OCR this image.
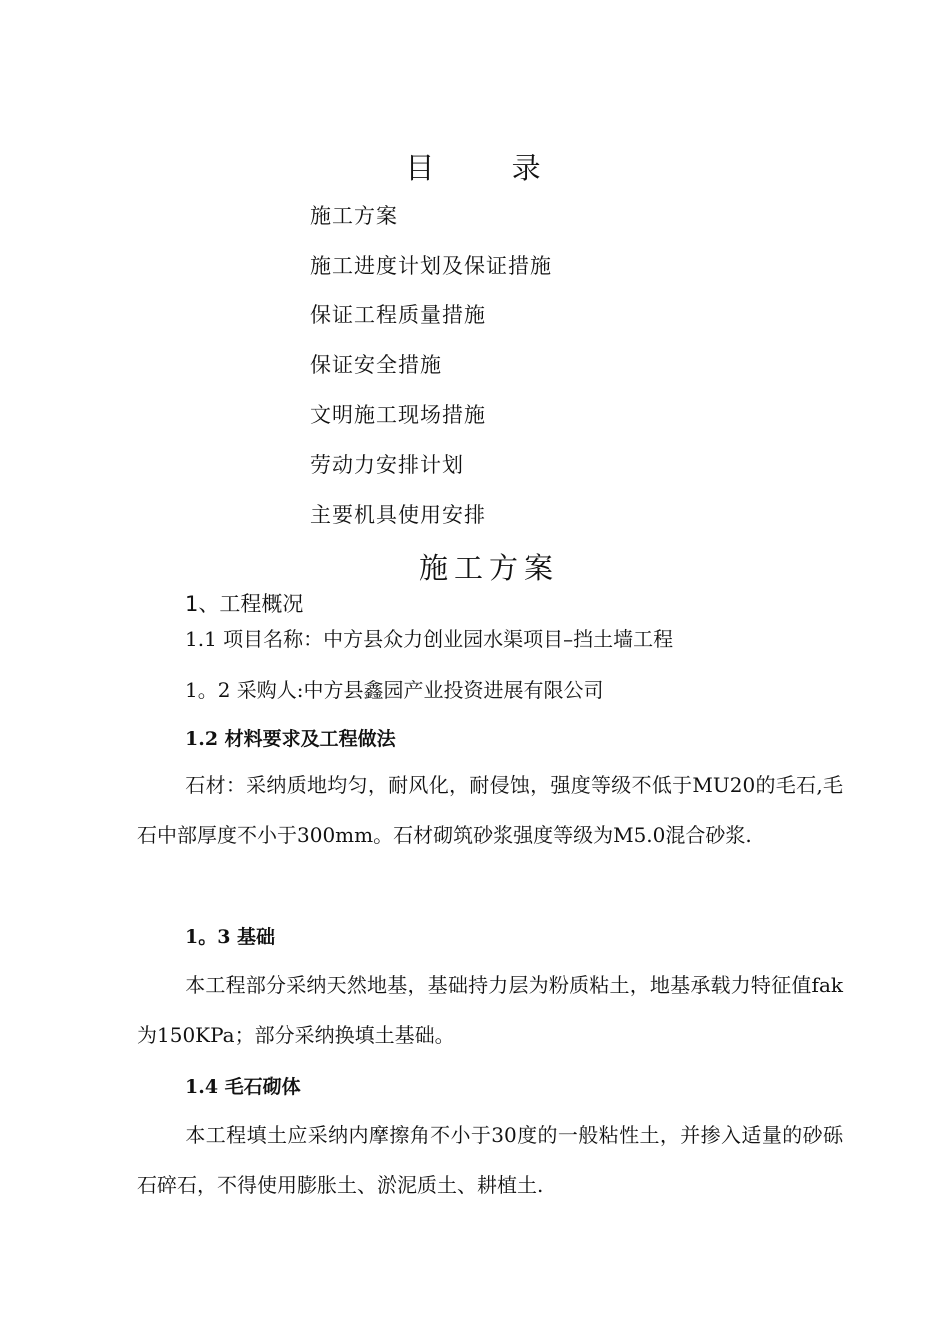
目 录
施工方案
施工进度计划及保证措施
保证工程质量措施
保证安全措施
文明施工现场措施
劳动力安排计划
主要机具使用安排
施工方案
1、工程概况
1.1 项目名称：中方县众力创业园水渠项目–挡土墙工程
1。2 采购人:中方县鑫园产业投资进展有限公司
1.2 材料要求及工程做法

石材：采纳质地均匀，耐风化，耐侵蚀，强度等级不低于MU20的毛石,毛石中部厚度不小于300mm。石材砌筑砂浆强度等级为M5.0混合砂浆.

1。3 基础

本工程部分采纳天然地基，基础持力层为粉质粘土，地基承载力特征值fak为150KPa；部分采纳换填土基础。

1.4 毛石砌体

本工程填土应采纳内摩擦角不小于30度的一般粘性土，并掺入适量的砂砾石碎石，不得使用膨胀土、淤泥质土、耕植土.
